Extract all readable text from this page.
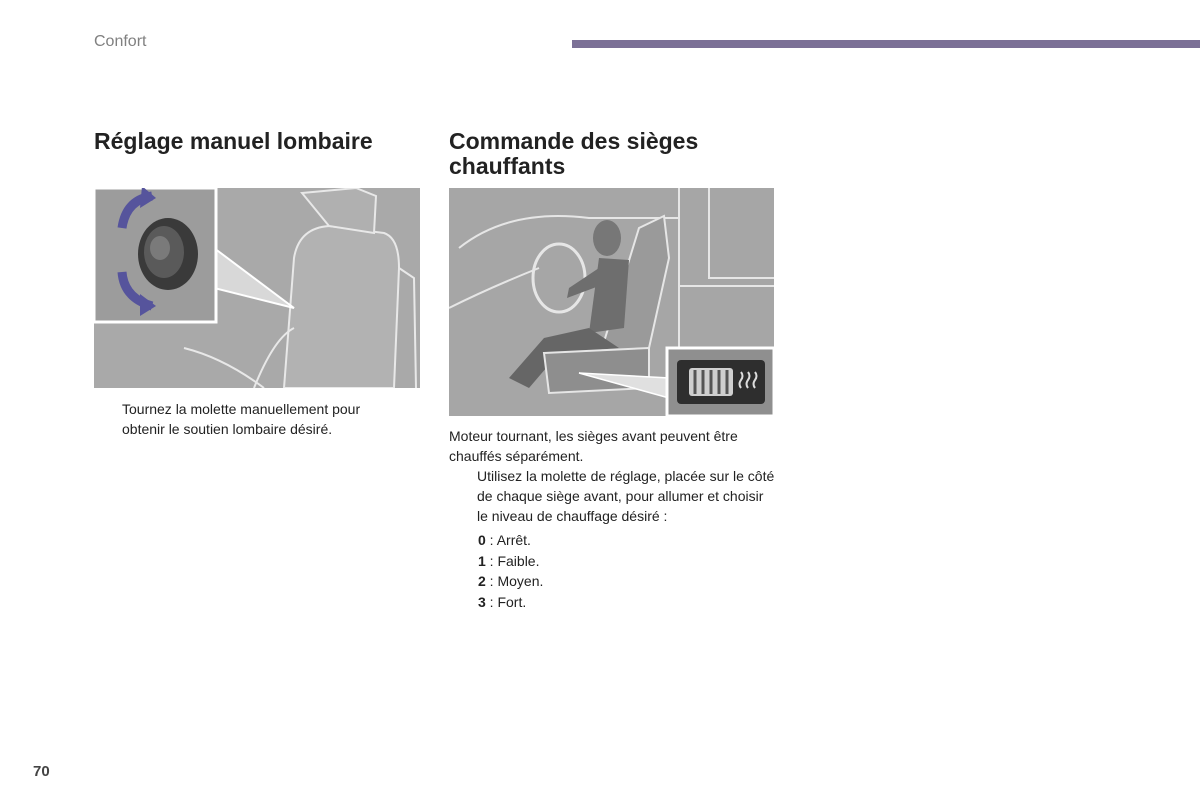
Confort
Réglage manuel lombaire
Tournez la molette manuellement pour obtenir le soutien lombaire désiré.
Commande des sièges chauffants
Moteur tournant, les sièges avant peuvent être chauffés séparément.
Utilisez la molette de réglage, placée sur le côté de chaque siège avant, pour allumer et choisir le niveau de chauffage désiré :
0 : Arrêt.
1 : Faible.
2 : Moyen.
3 : Fort.
70
